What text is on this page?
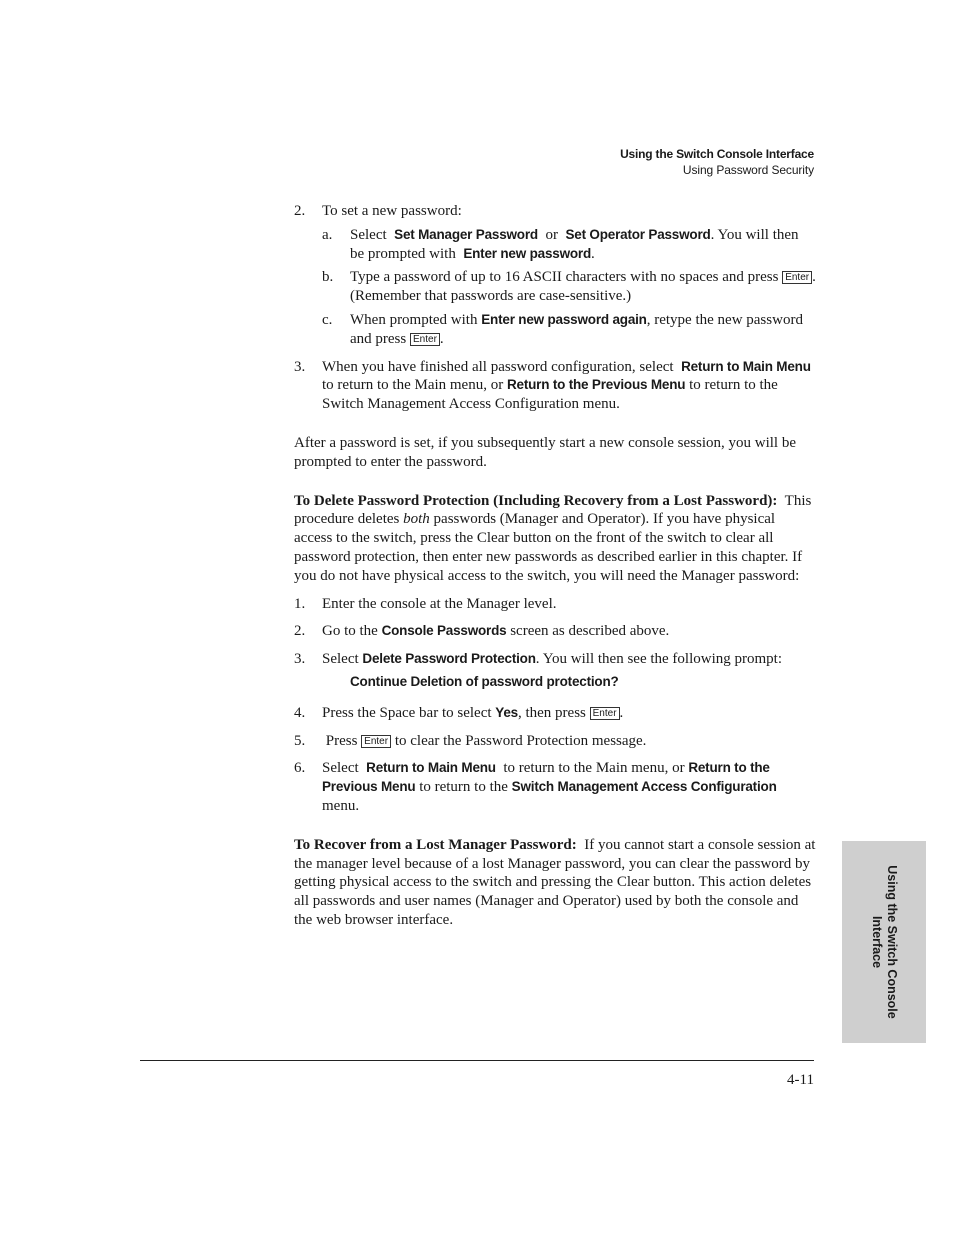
Using the Switch Console Interface
Using Password Security
2. To set a new password:
a. Select Set Manager Password or Set Operator Password. You will then be prompted with Enter new password.
b. Type a password of up to 16 ASCII characters with no spaces and press Enter . (Remember that passwords are case-sensitive.)
c. When prompted with Enter new password again, retype the new password and press Enter .
3. When you have finished all password configuration, select Return to Main Menu  to return to the Main menu, or Return to the Previous Menu to return to the Switch Management Access Configuration menu.

After a password is set, if you subsequently start a new console session, you will be prompted to enter the password.

To Delete Password Protection (Including Recovery from a Lost Password): This procedure deletes both passwords (Manager and Operator). If you have physical access to the switch, press the Clear button on the front of the switch to clear all password protection, then enter new passwords as described earlier in this chapter. If you do not have physical access to the switch, you will need the Manager password:

1. Enter the console at the Manager level.
2. Go to the Console Passwords screen as described above.
3. Select Delete Password Protection. You will then see the following prompt:
Continue Deletion of password protection?
4. Press the Space bar to select Yes, then press Enter .
5. Press Enter to clear the Password Protection message.
6. Select Return to Main Menu to return to the Main menu, or Return to the Previous Menu to return to the Switch Management Access Configuration menu.

To Recover from a Lost Manager Password: If you cannot start a console session at the manager level because of a lost Manager password, you can clear the password by getting physical access to the switch and pressing the Clear button. This action deletes all passwords and user names (Manager and Operator) used by both the console and the web browser interface.

4-11
Using the Switch Console Interface
